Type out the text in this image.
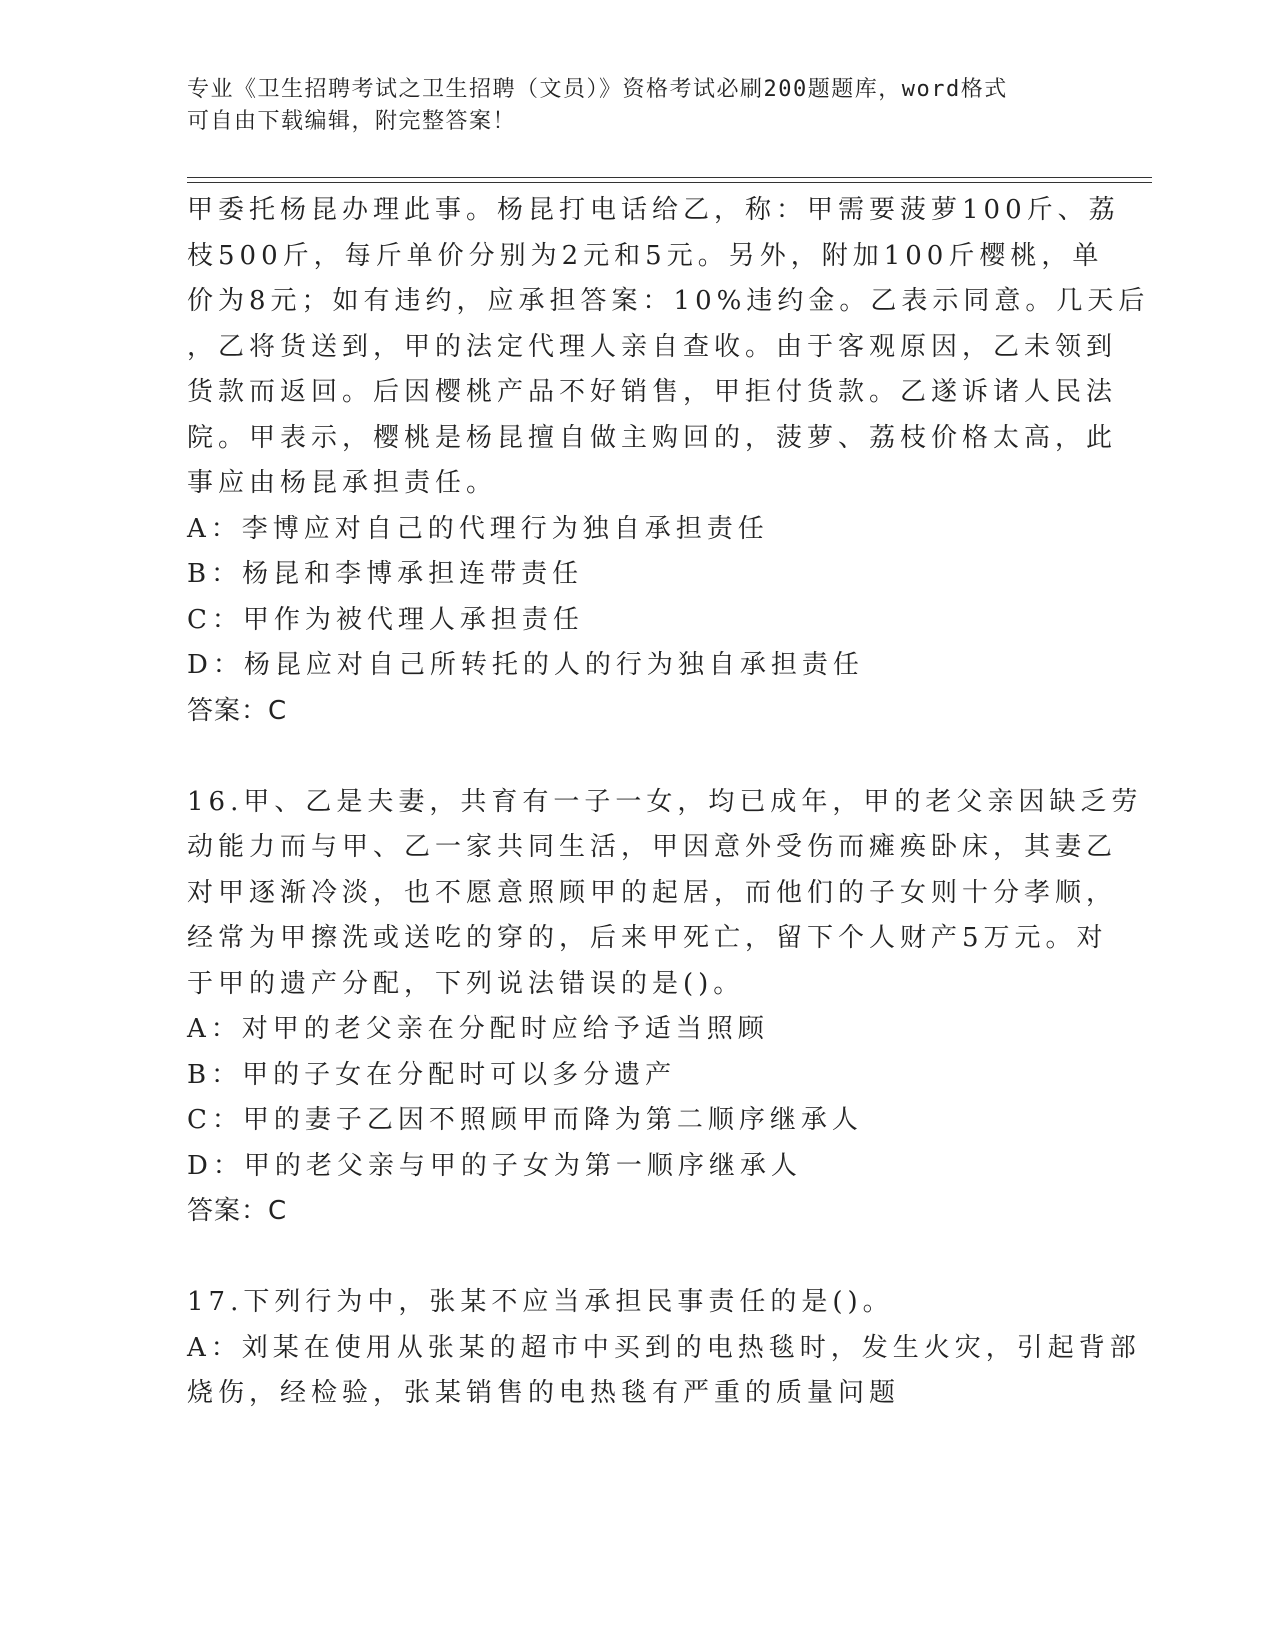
专业《卫生招聘考试之卫生招聘（文员）》资格考试必刷200题题库，word格式
可自由下载编辑，附完整答案！
甲委托杨昆办理此事。杨昆打电话给乙，称：甲需要菠萝100斤、荔
枝500斤，每斤单价分别为2元和5元。另外，附加100斤樱桃，单
价为8元；如有违约，应承担答案：10%违约金。乙表示同意。几天后
，乙将货送到，甲的法定代理人亲自查收。由于客观原因，乙未领到
货款而返回。后因樱桃产品不好销售，甲拒付货款。乙遂诉诸人民法
院。甲表示，樱桃是杨昆擅自做主购回的，菠萝、荔枝价格太高，此
事应由杨昆承担责任。
A：李博应对自己的代理行为独自承担责任
B：杨昆和李博承担连带责任
C：甲作为被代理人承担责任
D：杨昆应对自己所转托的人的行为独自承担责任
答案：C
16.甲、乙是夫妻，共育有一子一女，均已成年，甲的老父亲因缺乏劳
动能力而与甲、乙一家共同生活，甲因意外受伤而瘫痪卧床，其妻乙
对甲逐渐冷淡，也不愿意照顾甲的起居，而他们的子女则十分孝顺，
经常为甲擦洗或送吃的穿的，后来甲死亡，留下个人财产5万元。对
于甲的遗产分配，下列说法错误的是()。
A：对甲的老父亲在分配时应给予适当照顾
B：甲的子女在分配时可以多分遗产
C：甲的妻子乙因不照顾甲而降为第二顺序继承人
D：甲的老父亲与甲的子女为第一顺序继承人
答案：C
17.下列行为中，张某不应当承担民事责任的是()。
A：刘某在使用从张某的超市中买到的电热毯时，发生火灾，引起背部
烧伤，经检验，张某销售的电热毯有严重的质量问题
